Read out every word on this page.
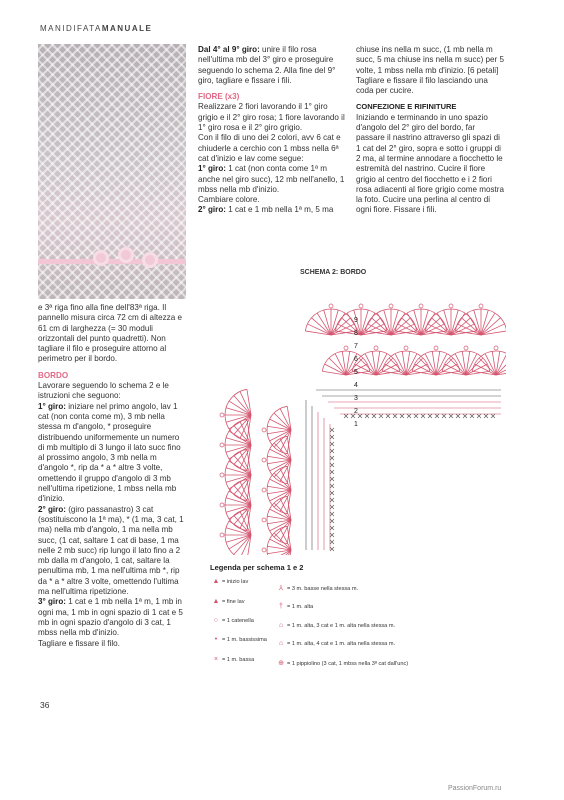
MANIDIFATAMANUALE

Dal 4° al 9° giro: unire il filo rosa nell'ultima mb del 3° giro e proseguire seguendo lo schema 2. Alla fine del 9° giro, tagliare e fissare i fili.

FIORE (x3)

Realizzare 2 fiori lavorando il 1° giro grigio e il 2° giro rosa; 1 fiore lavorando il 1° giro rosa e il 2° giro grigio.

Con il filo di uno dei 2 colori, avv 6 cat e chiuderle a cerchio con 1 mbss nella 6ª cat d'inizio e lav come segue:

1° giro: 1 cat (non conta come 1ª m anche nel giro succ), 12 mb nell'anello, 1 mbss nella mb d'inizio.

Cambiare colore.

2° giro: 1 cat e 1 mb nella 1ª m, 5 ma

chiuse ins nella m succ, (1 mb nella m succ, 5 ma chiuse ins nella m succ) per 5 volte, 1 mbss nella mb d'inizio. [6 petali] Tagliare e fissare il filo lasciando una coda per cucire.

CONFEZIONE E RIFINITURE

Iniziando e terminando in uno spazio d'angolo del 2° giro del bordo, far passare il nastrino attraverso gli spazi di 1 cat del 2° giro, sopra e sotto i gruppi di 2 ma, al termine annodare a fiocchetto le estremità del nastrino. Cucire il fiore grigio al centro del fiocchetto e i 2 fiori rosa adiacenti al fiore grigio come mostra la foto. Cucire una perlina al centro di ogni fiore. Fissare i fili.

e 3ª riga fino alla fine dell'83ª riga. Il pannello misura circa 72 cm di altezza e 61 cm di larghezza (= 30 moduli orizzontali del punto quadretti). Non tagliare il filo e proseguire attorno al perimetro per il bordo.

BORDO

Lavorare seguendo lo schema 2 e le istruzioni che seguono:

1° giro: iniziare nel primo angolo, lav 1 cat (non conta come m), 3 mb nella stessa m d'angolo, * proseguire distribuendo uniformemente un numero di mb multiplo di 3 lungo il lato succ fino al prossimo angolo, 3 mb nella m d'angolo *, rip da * a * altre 3 volte, omettendo il gruppo d'angolo di 3 mb nell'ultima ripetizione, 1 mbss nella mb d'inizio.

2° giro: (giro passanastro) 3 cat (sostituiscono la 1ª ma), * (1 ma, 3 cat, 1 ma) nella mb d'angolo, 1 ma nella mb succ, (1 cat, saltare 1 cat di base, 1 ma nelle 2 mb succ) rip lungo il lato fino a 2 mb dalla m d'angolo, 1 cat, saltare la penultima mb, 1 ma nell'ultima mb *, rip da * a * altre 3 volte, omettendo l'ultima ma nell'ultima ripetizione.

3° giro: 1 cat e 1 mb nella 1ª m, 1 mb in ogni ma, 1 mb in ogni spazio di 1 cat e 5 mb in ogni spazio d'angolo di 3 cat, 1 mbss nella mb d'inizio.

Tagliare e fissare il filo.

SCHEMA 2: BORDO
9
8
7
6
5
4
3
2
1
Legenda per schema 1 e 2
▲ = inizio lav
▲ = fine lav
○ = 1 catenella
• = 1 m. bassissima
× = 1 m. bassa
⅄ = 3 m. basse nella stessa m.
† = 1 m. alta
⌂ = 1 m. alta, 3 cat e 1 m. alta nella stessa m.
⌂ = 1 m. alta, 4 cat e 1 m. alta nella stessa m.
⊕ = 1 pippiolino (3 cat, 1 mbss nella 3ª cat dall'unc)
36
PassionForum.ru
